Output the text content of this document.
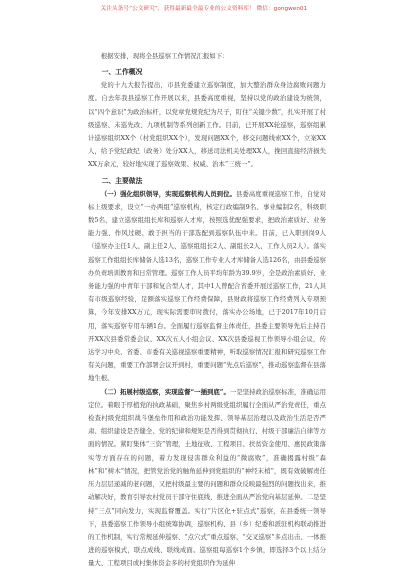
关注头条号“公文研究”，获得最新最全最专业的公文资料库！ 微信：gongwen01

根据安排，现将全县巡察工作情况汇报如下：

一、工作概况

党的十九大报告提出，市县党委建立巡察制度，加大整治群众身边腐败问题力度。自去年我县巡察工作开展以来，县委高度重视，坚持以党的政治建设为统领，以“四个意识”为政治标杆，以党章党规党纪为尺子，盯住“关键少数”，扎实开展了村级巡察、未巡先改、九项机制等系列创新工作。目前，已开展XX轮巡察，巡察组累计巡察组织XX个（村党组织XX个），发现问题XX个，移交问题线索XX个，立案XX人，给予党纪政纪（政务）处分XX人，移送司法机关处理XX人，挽回直接经济损失XX万余元，较好地实现了巡察效果、权威、治本“三统一”。

二、主要做法

（一）强化组织领导，实现巡察机构人员到位。县委高度重视巡察工作，自觉对标上级要求，设立“一办两组”巡察机构，核定行政编制9名、事业编制2名，科级职数5名，建立巡察组组长库和巡察人才库，按照选优配强要求，把政治素质好、业务能力强、作风过硬、敢于担当的干部选配到巡察队伍中来。目前，已入职到岗9人（巡察办主任1人、副主任2人、巡察组组长2人、副组长2人、工作人员2人）。落实巡察工作组组长库储备人选13名，巡察工作专业人才库储备人选126名，由县委巡察办负责培训教育和日常管理。巡察工作人员平均年龄为39.9岁，全是政治素质好、业务能力强的中青年干部和复合型人才，其中1人曾配合省委开展过巡察工作，21人具有市级巡察经验，足额落实巡察工作经费保障，县财政将巡察工作经费列入专项预算，今年安排XX万元，现实际需要审时拨付，落实办公场地，已于2017年10月启用，落实巡察专用车辆1台。全面履行巡察监督主体责任，县委主要领导先后主持召开XX次县委常委会议、XX次五人小组会议、XX次县委巡视工作领导小组会议，传达学习中央、省委、市委有关巡视巡察重要精神，听取巡察情况汇报和研究巡察工作有关问题，重要工作部署会议开到村，重要问题“先点后巡察”，推动巡察监督在县落地生根。

（二）拓展村级巡察，实现监督“一插到底”。一是坚持政治巡察标准，准确运用定位。着眼于厚植党的执政基础，聚焦乡村两级党组织履行全面从严治党责任，重点检查村级党组织战斗堡垒作用和政治功能发挥、领导基层治理以及政治生活是否严肃、组织建设是否健全、党的纪律和规矩是否得到贯彻执行、村级干部廉洁自律等方面的情况。紧盯集体“三资”管理，土地征收、工程项目、扶贫资金使用、惠民政策落实等方面存在的问题，着力发现侵害群众利益的“微腐败”，准确揭露村级“森林”和“树木”情况，把管党治党的触角延伸到党组织的“神经末梢”，既有效破解责任压力层层递减的老问题，又把村级最主要的问题和群众反映最强烈的问题找出来，推动解决好，教育引导农村党员干部守住底线，推进全面从严治党向基层延伸。二是坚持“三点”同向发力，实现监督覆盖。实行“片区化+驻点式”巡察，在县委统一领导下，县委巡察工作领导小组统筹协调，巡察机构、县（乡）纪委和派驻机构联动推进的工作机制，实行常规延伸巡察、“点穴式”重点巡察、“交叉巡察”多点出击、一体推进的巡察模式，联点成线、联线成面。巡察组每巡察1个乡镇，即选择3个以上结分量大、工程项目或村集体资金多的村党组织作为延伸
